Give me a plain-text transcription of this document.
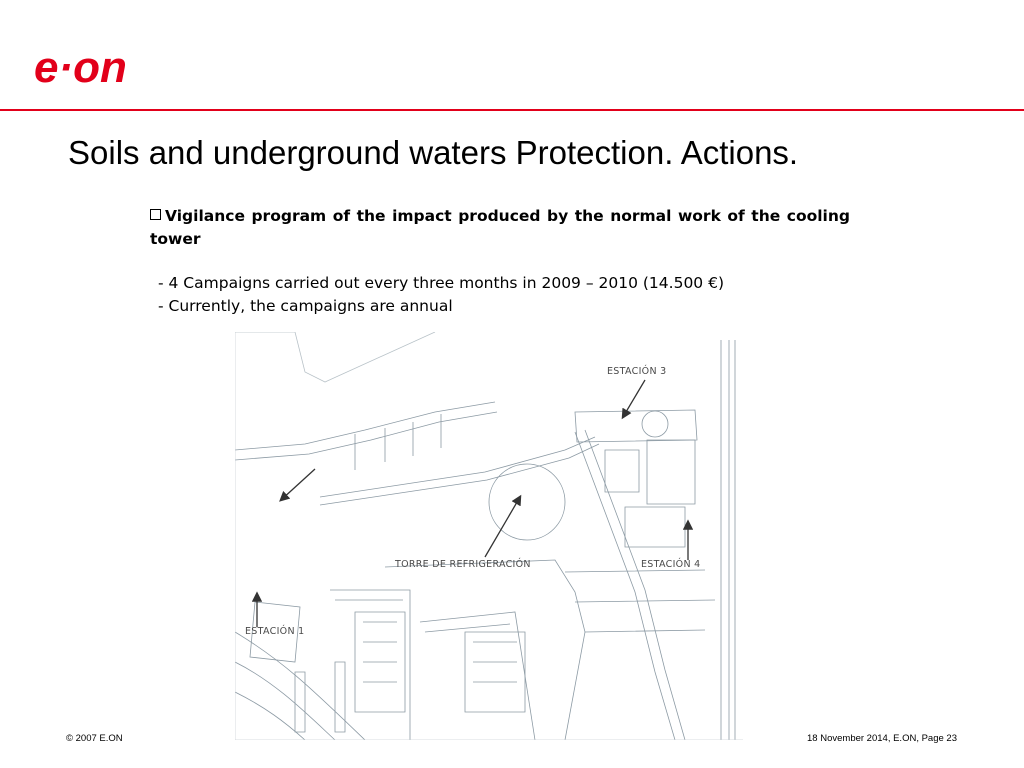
e·on
Soils and underground waters Protection. Actions.

Vigilance program of the impact produced by the normal work of the cooling tower

- 4 Campaigns carried out every three months in 2009 – 2010 (14.500 €)
- Currently, the campaigns are annual
ESTACIÓN 3
TORRE DE REFRIGERACIÓN	ESTACIÓN 4
ESTACIÓN 1
© 2007 E.ON	18 November 2014, E.ON, Page 23
